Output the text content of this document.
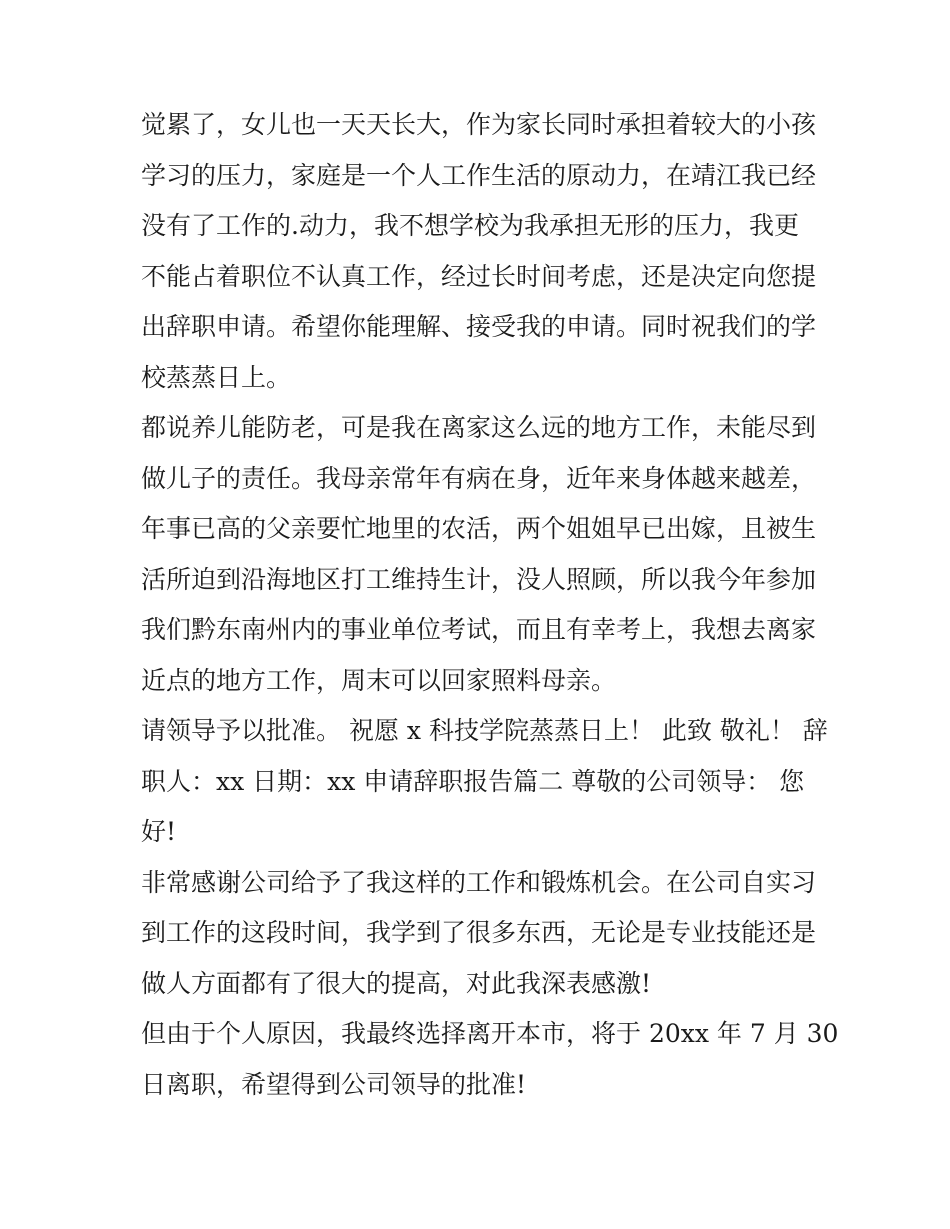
觉累了，女儿也一天天长大，作为家长同时承担着较大的小孩
学习的压力，家庭是一个人工作生活的原动力，在靖江我已经
没有了工作的.动力，我不想学校为我承担无形的压力，我更
不能占着职位不认真工作，经过长时间考虑，还是决定向您提
出辞职申请。希望你能理解、接受我的申请。同时祝我们的学
校蒸蒸日上。
都说养儿能防老，可是我在离家这么远的地方工作，未能尽到
做儿子的责任。我母亲常年有病在身，近年来身体越来越差，
年事已高的父亲要忙地里的农活，两个姐姐早已出嫁，且被生
活所迫到沿海地区打工维持生计，没人照顾，所以我今年参加
我们黔东南州内的事业单位考试，而且有幸考上，我想去离家
近点的地方工作，周末可以回家照料母亲。
请领导予以批准。 祝愿 x 科技学院蒸蒸日上！ 此致 敬礼！ 辞
职人：xx 日期：xx 申请辞职报告篇二 尊敬的公司领导： 您
好!
非常感谢公司给予了我这样的工作和锻炼机会。在公司自实习
到工作的这段时间，我学到了很多东西，无论是专业技能还是
做人方面都有了很大的提高，对此我深表感激!
但由于个人原因，我最终选择离开本市，将于 20xx 年 7 月 30
日离职，希望得到公司领导的批准!
